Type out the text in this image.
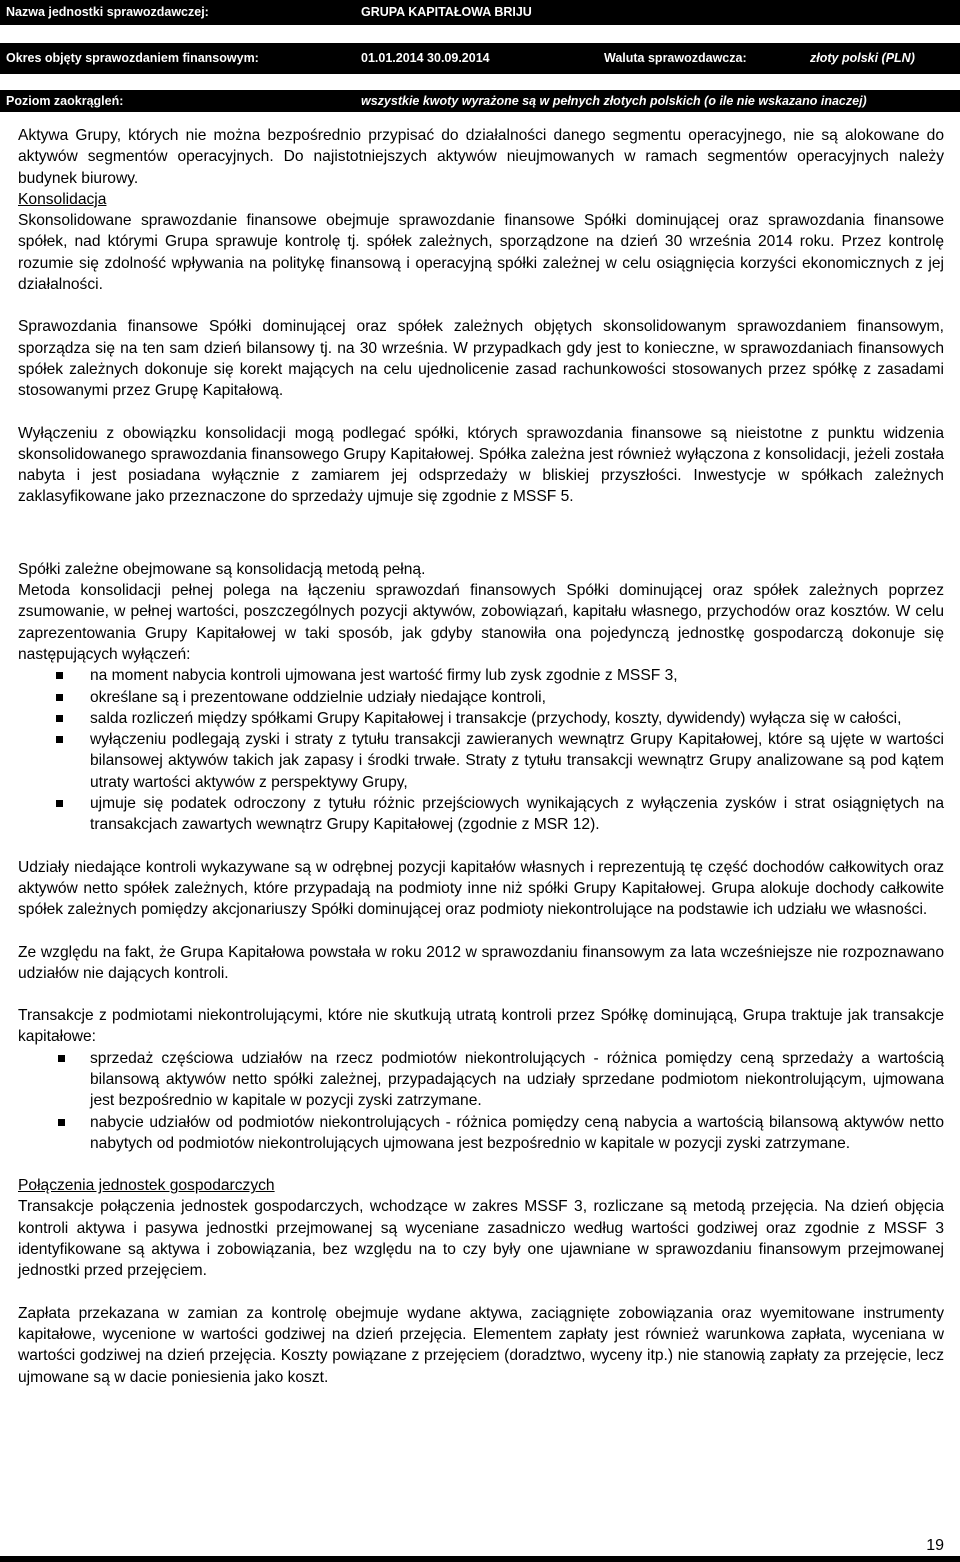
Nazwa jednostki sprawozdawczej:	GRUPA KAPITAŁOWA BRIJU
Okres objęty sprawozdaniem finansowym:	01.01.2014 30.09.2014	Waluta sprawozdawcza:	złoty polski (PLN)
Poziom zaokrągleń:	wszystkie kwoty wyrażone są w pełnych złotych polskich (o ile nie wskazano inaczej)

Aktywa Grupy, których nie można bezpośrednio przypisać do działalności danego segmentu operacyjnego, nie są alokowane do aktywów segmentów operacyjnych. Do najistotniejszych aktywów nieujmowanych w ramach segmentów operacyjnych należy budynek biurowy.

Konsolidacja

Skonsolidowane sprawozdanie finansowe obejmuje sprawozdanie finansowe Spółki dominującej oraz sprawozdania finansowe spółek, nad którymi Grupa sprawuje kontrolę tj. spółek zależnych, sporządzone na dzień 30 września 2014 roku. Przez kontrolę rozumie się zdolność wpływania na politykę finansową i operacyjną spółki zależnej w celu osiągnięcia korzyści ekonomicznych z jej działalności.

Sprawozdania finansowe Spółki dominującej oraz spółek zależnych objętych skonsolidowanym sprawozdaniem finansowym, sporządza się na ten sam dzień bilansowy tj. na 30 września. W przypadkach gdy jest to konieczne, w sprawozdaniach finansowych spółek zależnych dokonuje się korekt mających na celu ujednolicenie zasad rachunkowości stosowanych przez spółkę z zasadami stosowanymi przez Grupę Kapitałową.

Wyłączeniu z obowiązku konsolidacji mogą podlegać spółki, których sprawozdania finansowe są nieistotne z punktu widzenia skonsolidowanego sprawozdania finansowego Grupy Kapitałowej. Spółka zależna jest również wyłączona z konsolidacji, jeżeli została nabyta i jest posiadana wyłącznie z zamiarem jej odsprzedaży w bliskiej przyszłości. Inwestycje w spółkach zależnych zaklasyfikowane jako przeznaczone do sprzedaży ujmuje się zgodnie z MSSF 5.

Spółki zależne obejmowane są konsolidacją metodą pełną.

Metoda konsolidacji pełnej polega na łączeniu sprawozdań finansowych Spółki dominującej oraz spółek zależnych poprzez zsumowanie, w pełnej wartości, poszczególnych pozycji aktywów, zobowiązań, kapitału własnego, przychodów oraz kosztów. W celu zaprezentowania Grupy Kapitałowej w taki sposób, jak gdyby stanowiła ona pojedynczą jednostkę gospodarczą dokonuje się następujących wyłączeń:

na moment nabycia kontroli ujmowana jest wartość firmy lub zysk zgodnie z MSSF 3,
określane są i prezentowane oddzielnie udziały niedające kontroli,
salda rozliczeń między spółkami Grupy Kapitałowej i transakcje (przychody, koszty, dywidendy) wyłącza się w całości,
wyłączeniu podlegają zyski i straty z tytułu transakcji zawieranych wewnątrz Grupy Kapitałowej, które są ujęte w wartości bilansowej aktywów takich jak zapasy i środki trwałe. Straty z tytułu transakcji wewnątrz Grupy analizowane są pod kątem utraty wartości aktywów z perspektywy Grupy,
ujmuje się podatek odroczony z tytułu różnic przejściowych wynikających z wyłączenia zysków i strat osiągniętych na transakcjach zawartych wewnątrz Grupy Kapitałowej (zgodnie z MSR 12).

Udziały niedające kontroli wykazywane są w odrębnej pozycji kapitałów własnych i reprezentują tę część dochodów całkowitych oraz aktywów netto spółek zależnych, które przypadają na podmioty inne niż spółki Grupy Kapitałowej. Grupa alokuje dochody całkowite spółek zależnych pomiędzy akcjonariuszy Spółki dominującej oraz podmioty niekontrolujące na podstawie ich udziału we własności.

Ze względu na fakt, że Grupa Kapitałowa powstała w roku 2012 w sprawozdaniu finansowym za lata wcześniejsze nie rozpoznawano udziałów nie dających kontroli.

Transakcje z podmiotami niekontrolującymi, które nie skutkują utratą kontroli przez Spółkę dominującą, Grupa traktuje jak transakcje kapitałowe:

sprzedaż częściowa udziałów na rzecz podmiotów niekontrolujących - różnica pomiędzy ceną sprzedaży a wartością bilansową aktywów netto spółki zależnej, przypadających na udziały sprzedane podmiotom niekontrolującym, ujmowana jest bezpośrednio w kapitale w pozycji zyski zatrzymane.
nabycie udziałów od podmiotów niekontrolujących - różnica pomiędzy ceną nabycia a wartością bilansową aktywów netto nabytych od podmiotów niekontrolujących ujmowana jest bezpośrednio w kapitale w pozycji zyski zatrzymane.
Połączenia jednostek gospodarczych

Transakcje połączenia jednostek gospodarczych, wchodzące w zakres MSSF 3, rozliczane są metodą przejęcia. Na dzień objęcia kontroli aktywa i pasywa jednostki przejmowanej są wyceniane zasadniczo według wartości godziwej oraz zgodnie z MSSF 3 identyfikowane są aktywa i zobowiązania, bez względu na to czy były one ujawniane w sprawozdaniu finansowym przejmowanej jednostki przed przejęciem.

Zapłata przekazana w zamian za kontrolę obejmuje wydane aktywa, zaciągnięte zobowiązania oraz wyemitowane instrumenty kapitałowe, wycenione w wartości godziwej na dzień przejęcia. Elementem zapłaty jest również warunkowa zapłata, wyceniana w wartości godziwej na dzień przejęcia. Koszty powiązane z przejęciem (doradztwo, wyceny itp.) nie stanowią zapłaty za przejęcie, lecz ujmowane są w dacie poniesienia jako koszt.

19
